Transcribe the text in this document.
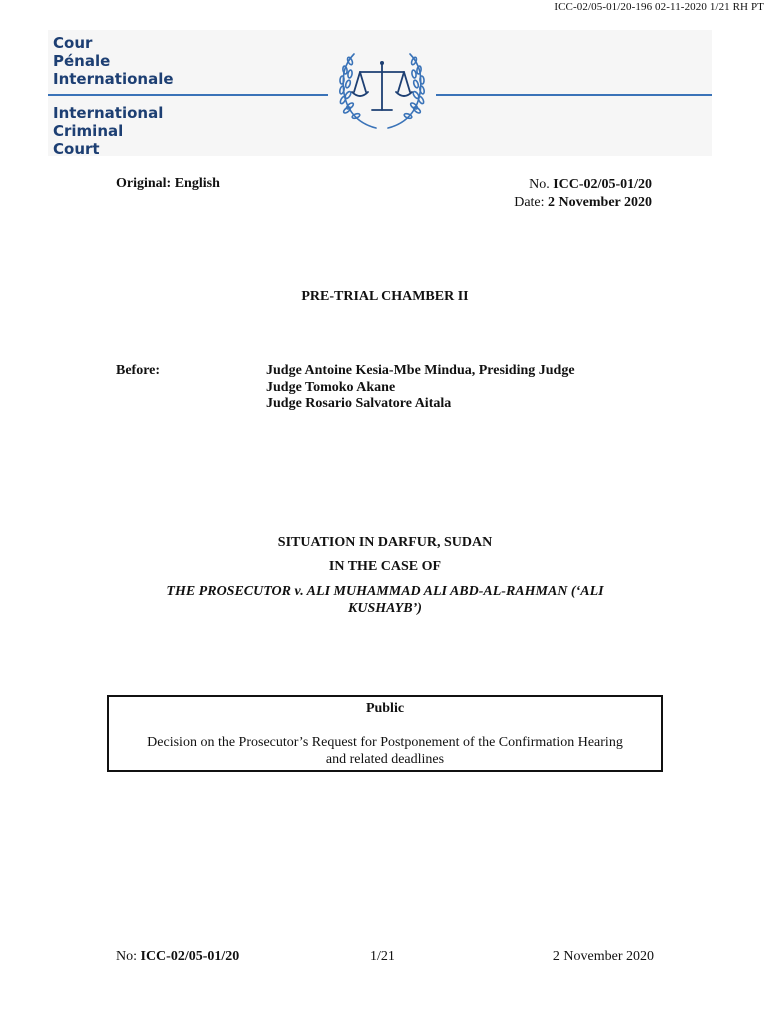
ICC-02/05-01/20-196 02-11-2020 1/21 RH PT
Cour
Pénale
Internationale
International
Criminal
Court
Original: English	No. ICC-02/05-01/20
Date: 2 November 2020
PRE-TRIAL CHAMBER II
Before:	Judge Antoine Kesia-Mbe Mindua, Presiding Judge
Judge Tomoko Akane
Judge Rosario Salvatore Aitala
SITUATION IN DARFUR, SUDAN
IN THE CASE OF
THE PROSECUTOR v. ALI MUHAMMAD ALI ABD-AL-RAHMAN (‘ALI
KUSHAYB’)
Public
Decision on the Prosecutor’s Request for Postponement of the Confirmation Hearing
and related deadlines
No: ICC-02/05-01/20	1/21	2 November 2020
